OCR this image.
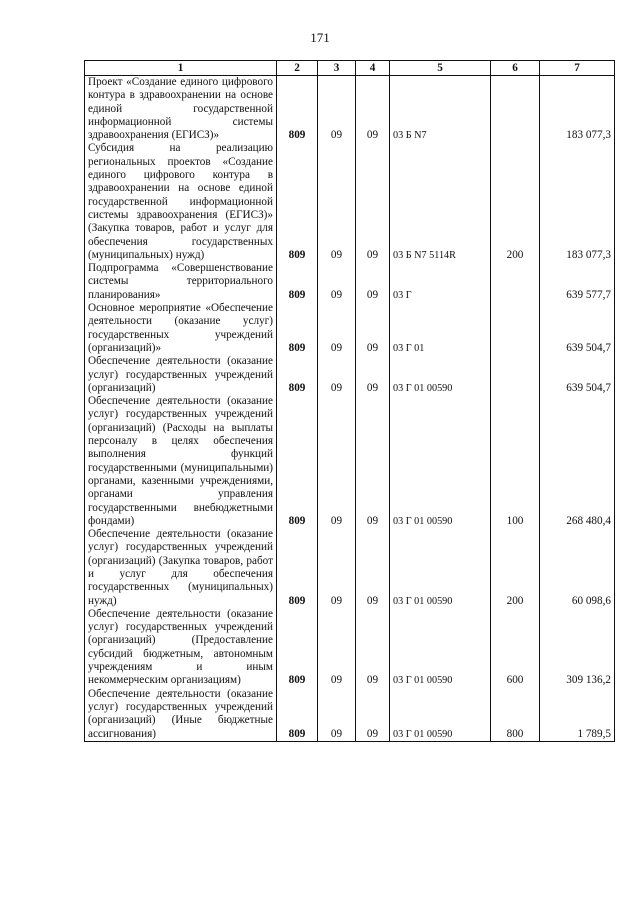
171
1	2	3	4	5	6	7
Проект «Создание единого цифрового контура в здравоохранении на основе единой государственной информационной системы здравоохранения (ЕГИСЗ)»	809	09	09	03 Б N7		183 077,3
Субсидия на реализацию региональных проектов «Создание единого цифрового контура в здравоохранении на основе единой государственной информационной системы здравоохранения (ЕГИСЗ)» (Закупка товаров, работ и услуг для обеспечения государственных (муниципальных) нужд)	809	09	09	03 Б N7 5114R	200	183 077,3
Подпрограмма «Совершенствование системы территориального планирования»	809	09	09	03 Г		639 577,7
Основное мероприятие «Обеспечение деятельности (оказание услуг) государственных учреждений (организаций)»	809	09	09	03 Г 01		639 504,7
Обеспечение деятельности (оказание услуг) государственных учреждений (организаций)	809	09	09	03 Г 01 00590		639 504,7
Обеспечение деятельности (оказание услуг) государственных учреждений (организаций) (Расходы на выплаты персоналу в целях обеспечения выполнения функций государственными (муниципальными) органами, казенными учреждениями, органами управления государственными внебюджетными фондами)	809	09	09	03 Г 01 00590	100	268 480,4
Обеспечение деятельности (оказание услуг) государственных учреждений (организаций) (Закупка товаров, работ и услуг для обеспечения государственных (муниципальных) нужд)	809	09	09	03 Г 01 00590	200	60 098,6
Обеспечение деятельности (оказание услуг) государственных учреждений (организаций) (Предоставление субсидий бюджетным, автономным учреждениям и иным некоммерческим организациям)	809	09	09	03 Г 01 00590	600	309 136,2
Обеспечение деятельности (оказание услуг) государственных учреждений (организаций) (Иные бюджетные ассигнования)	809	09	09	03 Г 01 00590	800	1 789,5
